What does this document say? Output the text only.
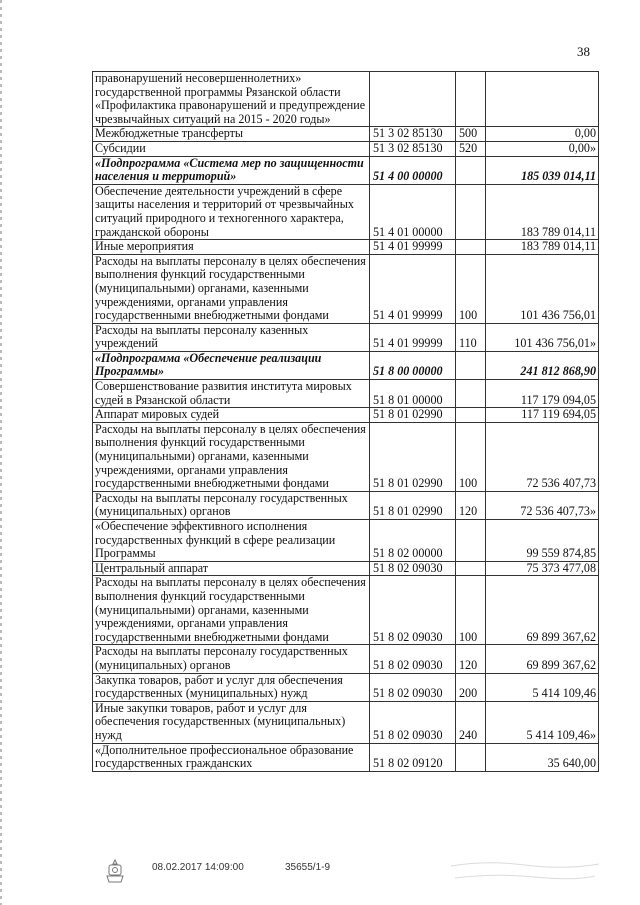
38
правонарушений несовершеннолетних» государственной программы Рязанской области «Профилактика правонарушений и предупреждение чрезвычайных ситуаций на 2015 - 2020 годы»			
Межбюджетные трансферты	51 3 02 85130	500	0,00
Субсидии	51 3 02 85130	520	0,00»
«Подпрограмма «Система мер по защищенности населения и территорий»	51 4 00 00000		185 039 014,11
Обеспечение деятельности учреждений в сфере защиты населения и территорий от чрезвычайных ситуаций природного и техногенного характера, гражданской обороны	51 4 01 00000		183 789 014,11
Иные мероприятия	51 4 01 99999		183 789 014,11
Расходы на выплаты персоналу в целях обеспечения выполнения функций государственными (муниципальными) органами, казенными учреждениями, органами управления государственными внебюджетными фондами	51 4 01 99999	100	101 436 756,01
Расходы на выплаты персоналу казенных учреждений	51 4 01 99999	110	101 436 756,01»
«Подпрограмма «Обеспечение реализации Программы»	51 8 00 00000		241 812 868,90
Совершенствование развития института мировых судей в Рязанской области	51 8 01 00000		117 179 094,05
Аппарат мировых судей	51 8 01 02990		117 119 694,05
Расходы на выплаты персоналу в целях обеспечения выполнения функций государственными (муниципальными) органами, казенными учреждениями, органами управления государственными внебюджетными фондами	51 8 01 02990	100	72 536 407,73
Расходы на выплаты персоналу государственных (муниципальных) органов	51 8 01 02990	120	72 536 407,73»
«Обеспечение эффективного исполнения государственных функций в сфере реализации Программы	51 8 02 00000		99 559 874,85
Центральный аппарат	51 8 02 09030		75 373 477,08
Расходы на выплаты персоналу в целях обеспечения выполнения функций государственными (муниципальными) органами, казенными учреждениями, органами управления государственными внебюджетными фондами	51 8 02 09030	100	69 899 367,62
Расходы на выплаты персоналу государственных (муниципальных) органов	51 8 02 09030	120	69 899 367,62
Закупка товаров, работ и услуг для обеспечения государственных (муниципальных) нужд	51 8 02 09030	200	5 414 109,46
Иные закупки товаров, работ и услуг для обеспечения государственных (муниципальных) нужд	51 8 02 09030	240	5 414 109,46»
«Дополнительное профессиональное образование государственных гражданских	51 8 02 09120		35 640,00
08.02.2017 14:09:00	35655/1-9
